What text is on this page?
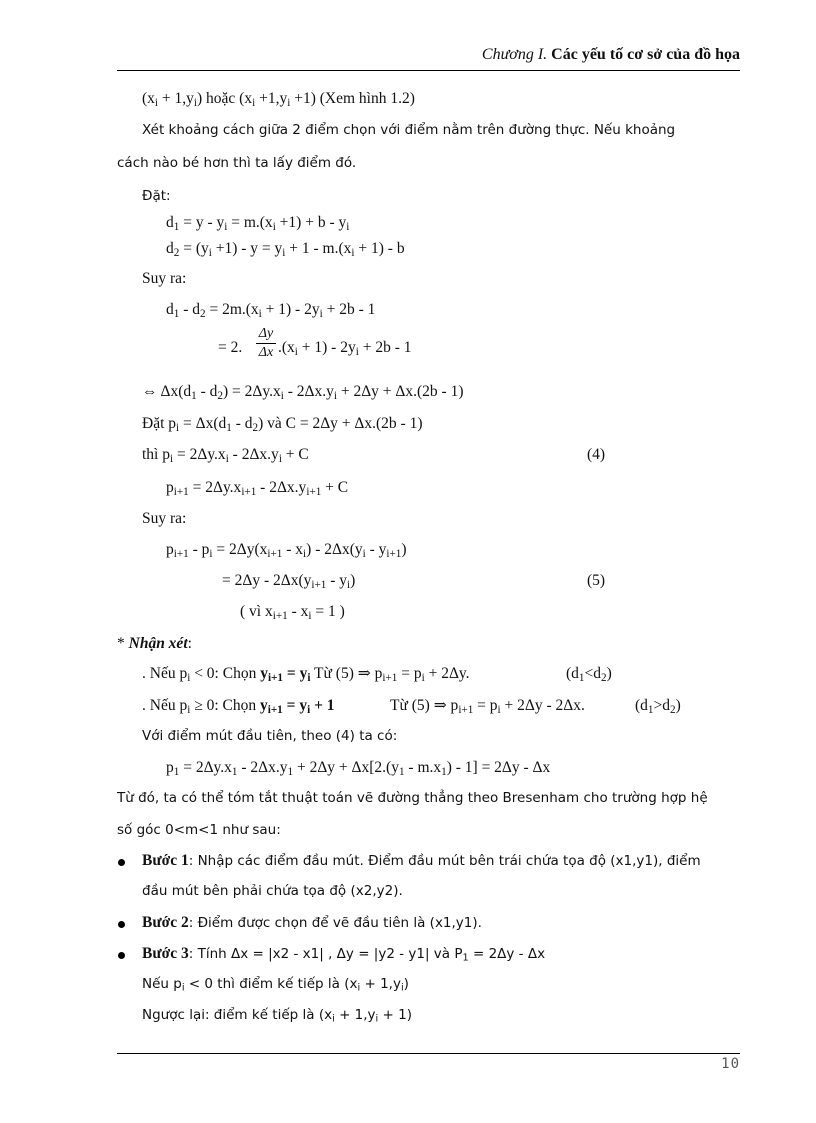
Chương I. Các yếu tố cơ sở của đồ họa
$(x_i + 1,y_i)$ hoặc $(x_i +1,y_i +1)$ (Xem hình 1.2)
Xét khoảng cách giữa 2 điểm chọn với điểm nằm trên đường thực. Nếu khoảng
cách nào bé hơn thì ta lấy điểm đó.
Đặt:
$d_1 = y - y_i = m.(x_i +1) + b - y_i$
$d_2 = (y_i +1) - y = y_i + 1 - m.(x_i + 1) - b$
Suy ra:
$d_1 - d_2 = 2m.(x_i + 1) - 2y_i + 2b - 1$
= 2.
Δy
Δx $.(x_i + 1) - 2y_i + 2b - 1$
⇔ $\Delta x(d_1 - d_2) = 2\Delta y.x_i - 2\Delta x.y_i + 2\Delta y + \Delta x.(2b - 1)$
Đặt $p_i = \Delta x(d_1 - d_2)$ và C = 2Δy + Δx.(2b - 1)
thì $p_i = 2\Delta y.x_i - 2\Delta x.y_i + C$	(4)
$p_{i+1} = 2\Delta y.x_{i+1} - 2\Delta x.y_{i+1} + C$
Suy ra:
$p_{i+1} - p_i = 2\Delta y(x_{i+1} - x_i) - 2\Delta x(y_i - y_{i+1})$
= $2\Delta y - 2\Delta x(y_{i+1} - y_i)$	(5)
( vì $x_{i+1} - x_i = 1$ )
* Nhận xét:
. Nếu $p_i < 0$: Chọn $y_{i+1} = y_i$ Từ (5) ⇒ $p_{i+1} = p_i + 2\Delta y$.	$(d_1<d_2)$
. Nếu $p_i \ge 0$: Chọn $y_{i+1} = y_i + 1$	Từ (5) ⇒ $p_{i+1} = p_i + 2\Delta y - 2\Delta x$.	$(d_1>d_2)$
Với điểm mút đầu tiên, theo (4) ta có:
$p_1 = 2\Delta y.x_1 - 2\Delta x.y_1 + 2\Delta y + \Delta x[2.(y_1 - m.x_1) - 1] = 2\Delta y - \Delta x$
Từ đó, ta có thể tóm tắt thuật toán vẽ đường thẳng theo Bresenham cho trường hợp hệ
số góc 0<m<1 như sau:
Bước 1: Nhập các điểm đầu mút. Điểm đầu mút bên trái chứa tọa độ (x1,y1), điểm
đầu mút bên phải chứa tọa độ (x2,y2).
Bước 2: Điểm được chọn để vẽ đầu tiên là (x1,y1).
Bước 3: Tính Δx = |x2 - x1| , Δy = |y2 - y1| và $P_1 = 2\Delta y - \Delta x$
Nếu $p_i < 0$ thì điểm kế tiếp là $(x_i + 1,y_i)$
Ngược lại: điểm kế tiếp là $(x_i + 1,y_i + 1)$
10
